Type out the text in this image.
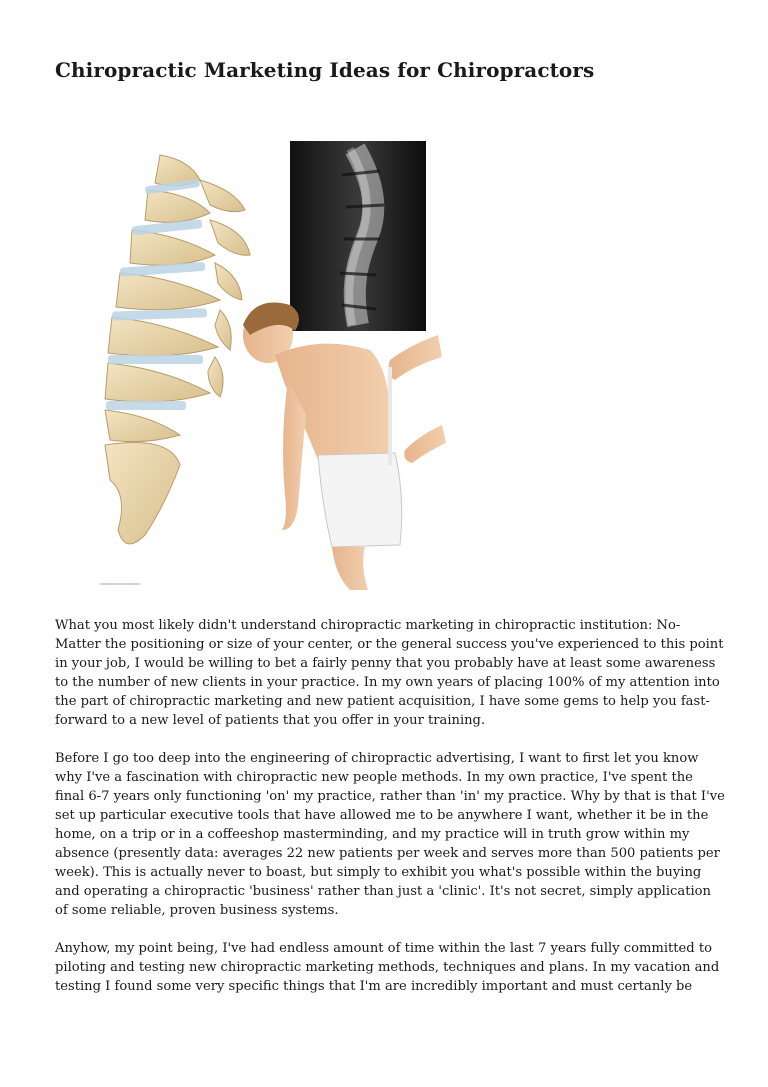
Chiropractic Marketing Ideas for Chiropractors

What you most likely didn't understand chiropractic marketing in chiropractic institution: No-Matter the positioning or size of your center, or the general success you've experienced to this point in your job, I would be willing to bet a fairly penny that you probably have at least some awareness to the number of new clients in your practice. In my own years of placing 100% of my attention into the part of chiropractic marketing and new patient acquisition, I have some gems to help you fast-forward to a new level of patients that you offer in your training.

Before I go too deep into the engineering of chiropractic advertising, I want to first let you know why I've a fascination with chiropractic new people methods. In my own practice, I've spent the final 6-7 years only functioning 'on' my practice, rather than 'in' my practice. Why by that is that I've set up particular executive tools that have allowed me to be anywhere I want, whether it be in the home, on a trip or in a coffeeshop masterminding, and my practice will in truth grow within my absence (presently data: averages 22 new patients per week and serves more than 500 patients per week). This is actually never to boast, but simply to exhibit you what's possible within the buying and operating a chiropractic 'business' rather than just a 'clinic'. It's not secret, simply application of some reliable, proven business systems.

Anyhow, my point being, I've had endless amount of time within the last 7 years fully committed to piloting and testing new chiropractic marketing methods, techniques and plans. In my vacation and testing I found some very specific things that I'm are incredibly important and must certanly be
